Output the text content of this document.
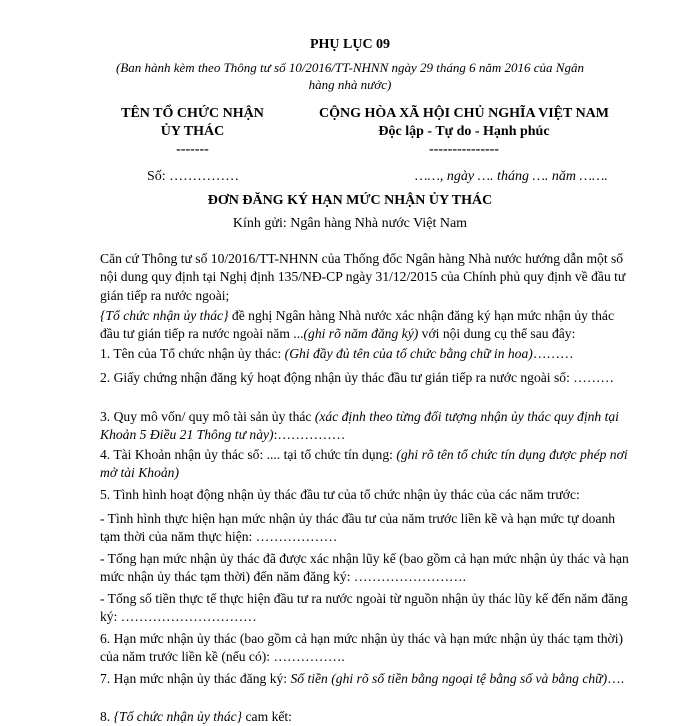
PHỤ LỤC 09

(Ban hành kèm theo Thông tư số 10/2016/TT-NHNN ngày 29 tháng 6 năm 2016 của Ngân hàng nhà nước)

TÊN TỔ CHỨC NHẬN
ỦY THÁC
-------
CỘNG HÒA XÃ HỘI CHỦ NGHĨA VIỆT NAM
Độc lập - Tự do - Hạnh phúc
---------------

Số: ……………	……, ngày …. tháng …. năm …….

ĐƠN ĐĂNG KÝ HẠN MỨC NHẬN ỦY THÁC

Kính gửi: Ngân hàng Nhà nước Việt Nam

Căn cứ Thông tư số 10/2016/TT-NHNN của Thống đốc Ngân hàng Nhà nước hướng dẫn một số nội dung quy định tại Nghị định 135/NĐ-CP ngày 31/12/2015 của Chính phủ quy định về đầu tư gián tiếp ra nước ngoài;

{Tổ chức nhận ủy thác} đề nghị Ngân hàng Nhà nước xác nhận đăng ký hạn mức nhận ủy thác đầu tư gián tiếp ra nước ngoài năm ...(ghi rõ năm đăng ký) với nội dung cụ thể sau đây:

1. Tên của Tổ chức nhận ủy thác: (Ghi đầy đủ tên của tổ chức bằng chữ in hoa)………

2. Giấy chứng nhận đăng ký hoạt động nhận ủy thác đầu tư gián tiếp ra nước ngoài số: ………

3. Quy mô vốn/ quy mô tài sản ủy thác (xác định theo từng đối tượng nhận ủy thác quy định tại Khoản 5 Điều 21 Thông tư này):……………

4. Tài Khoản nhận ủy thác số: .... tại tổ chức tín dụng: (ghi rõ tên tổ chức tín dụng được phép nơi mở tài Khoản)

5. Tình hình hoạt động nhận ủy thác đầu tư của tổ chức nhận ủy thác của các năm trước:

- Tình hình thực hiện hạn mức nhận ủy thác đầu tư của năm trước liền kề và hạn mức tự doanh tạm thời của năm thực hiện: ………………

- Tổng hạn mức nhận ủy thác đã được xác nhận lũy kế (bao gồm cả hạn mức nhận ủy thác và hạn mức nhận ủy thác tạm thời) đến năm đăng ký: …………………….

- Tổng số tiền thực tế thực hiện đầu tư ra nước ngoài từ nguồn nhận ủy thác lũy kế đến năm đăng ký: …………………………

6. Hạn mức nhận ủy thác (bao gồm cả hạn mức nhận ủy thác và hạn mức nhận ủy thác tạm thời) của năm trước liền kề (nếu có): …………….

7. Hạn mức nhận ủy thác đăng ký: Số tiền (ghi rõ số tiền bằng ngoại tệ bằng số và bằng chữ)….

8. {Tổ chức nhận ủy thác} cam kết:
